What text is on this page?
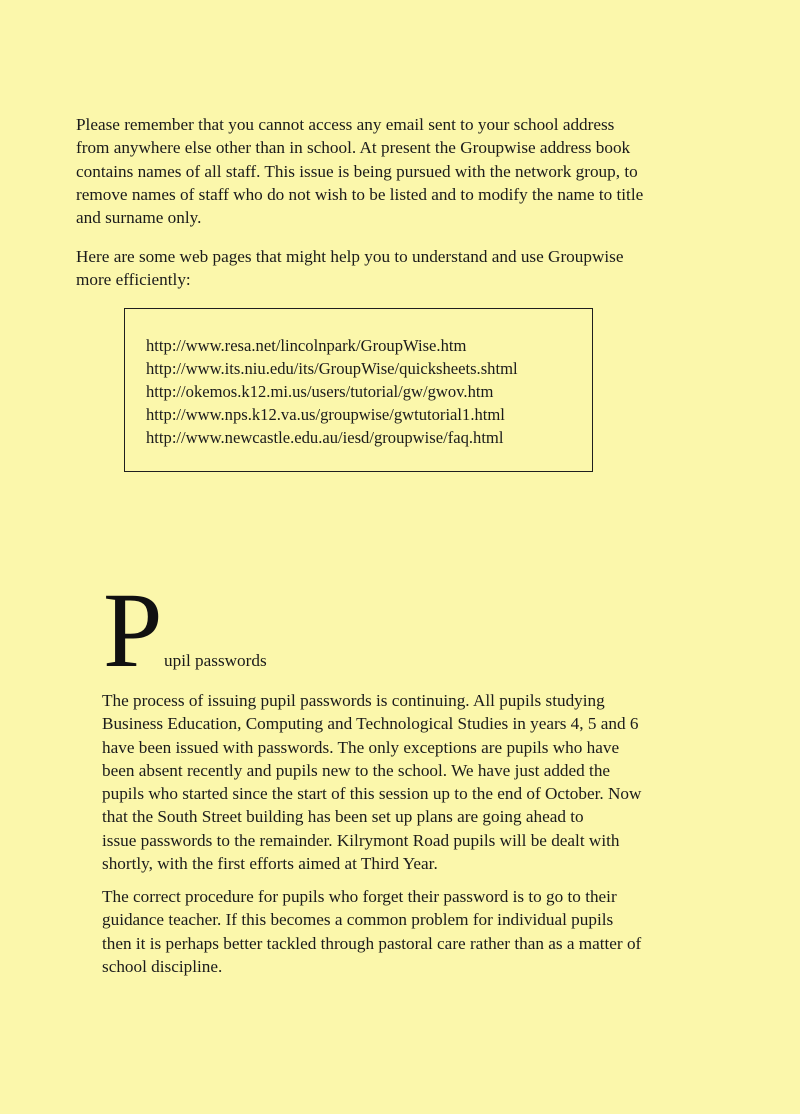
Please remember that you cannot access any email sent to your school address
from anywhere else other than in school. At present the Groupwise address book
contains names of all staff. This issue is being pursued with the network group, to
remove names of staff who do not wish to be listed and to modify the name to title
and surname only.

Here are some web pages that might help you to understand and use Groupwise
more efficiently:

http://www.resa.net/lincolnpark/GroupWise.htm
http://www.its.niu.edu/its/GroupWise/quicksheets.shtml
http://okemos.k12.mi.us/users/tutorial/gw/gwov.htm
http://www.nps.k12.va.us/groupwise/gwtutorial1.html
http://www.newcastle.edu.au/iesd/groupwise/faq.html
P upil passwords

The process of issuing pupil passwords is continuing. All pupils studying
Business Education, Computing and Technological Studies in years 4, 5 and 6
have been issued with passwords. The only exceptions are pupils who have
been absent recently and pupils new to the school. We have just added the
pupils who started since the start of this session up to the end of October. Now
that the South Street building has been set up plans are going ahead to
issue passwords to the remainder. Kilrymont Road pupils will be dealt with
shortly, with the first efforts aimed at Third Year.

The correct procedure for pupils who forget their password is to go to their
guidance teacher. If this becomes a common problem for individual pupils
then it is perhaps better tackled through pastoral care rather than as a matter of
school discipline.
